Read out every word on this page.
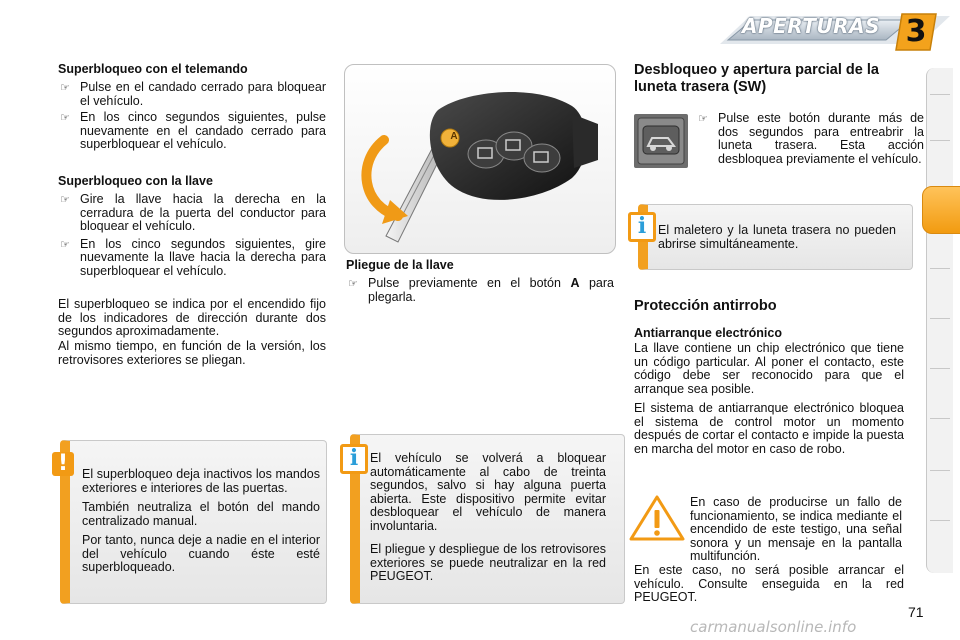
APERTURAS 3

Superbloqueo con el telemando

☞ Pulse en el candado cerrado para bloquear el vehículo.
☞ En los cinco segundos siguientes, pulse nuevamente en el candado cerrado para superbloquear el vehículo.

Superbloqueo con la llave

☞ Gire la llave hacia la derecha en la cerradura de la puerta del conductor para bloquear el vehículo.
☞ En los cinco segundos siguientes, gire nuevamente la llave hacia la derecha para superbloquear el vehículo.
El superbloqueo se indica por el encendido fijo de los indicadores de dirección durante dos segundos aproximadamente.
Al mismo tiempo, en función de la versión, los retrovisores exteriores se pliegan.
!	El superbloqueo deja inactivos los mandos exteriores e interiores de las puertas.

También neutraliza el botón del mando centralizado manual.

Por tanto, nunca deje a nadie en el interior del vehículo cuando éste esté superbloqueado.

A

Pliegue de la llave

☞ Pulse previamente en el botón A para plegarla.
i El vehículo se volverá a bloquear automáticamente al cabo de treinta segundos, salvo si hay alguna puerta abierta. Este dispositivo permite evitar desbloquear el vehículo de manera involuntaria.

El pliegue y despliegue de los retrovisores exteriores se puede neutralizar en la red PEUGEOT.

Desbloqueo y apertura parcial de la luneta trasera (SW)
☞ Pulse este botón durante más de dos segundos para entreabrir la luneta trasera. Esta acción desbloquea previamente el vehículo.
i El maletero y la luneta trasera no pueden abrirse simultáneamente.
Protección antirrobo
Antiarranque electrónico
La llave contiene un chip electrónico que tiene un código particular. Al poner el contacto, este código debe ser reconocido para que el arranque sea posible.
El sistema de antiarranque electrónico bloquea el sistema de control motor un momento después de cortar el contacto e impide la puesta en marcha del motor en caso de robo.
En caso de producirse un fallo de funcionamiento, se indica mediante el encendido de este testigo, una señal sonora y un mensaje en la pantalla multifunción.
En este caso, no será posible arrancar el vehículo. Consulte enseguida en la red PEUGEOT.
71
carmanualsonline.info
